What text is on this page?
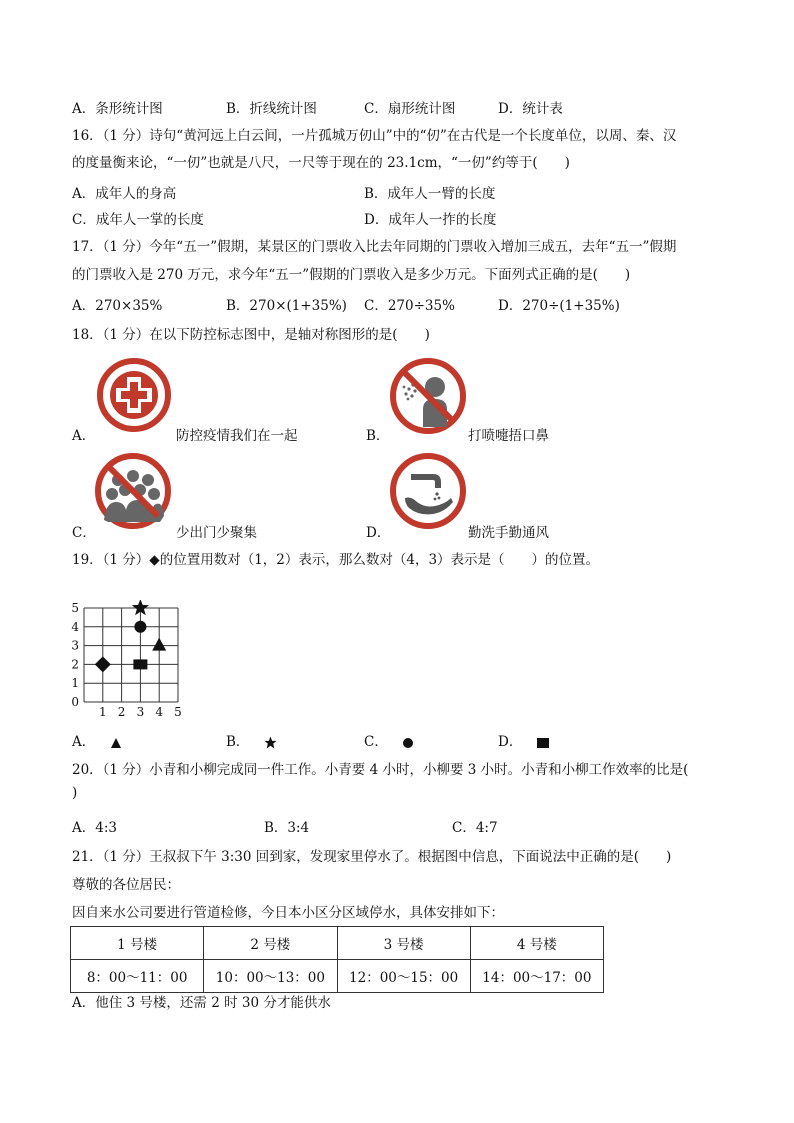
A．条形统计图	B．折线统计图	C．扇形统计图	D．统计表
16．（1 分）诗句“黄河远上白云间，一片孤城万仞山”中的“仞”在古代是一个长度单位，以周、秦、汉
的度量衡来论，“一仞”也就是八尺，一尺等于现在的 23.1cm，“一仞”约等于(　　)
A．成年人的身高	B．成年人一臂的长度
C．成年人一掌的长度	D．成年人一拃的长度
17．（1 分）今年“五一”假期，某景区的门票收入比去年同期的门票收入增加三成五，去年“五一”假期
的门票收入是 270 万元，求今年“五一”假期的门票收入是多少万元。下面列式正确的是(　　)
A．270×35%	B．270×(1+35%) C．270÷35%	D．270÷(1+35%)
18．（1 分）在以下防控标志图中，是轴对称图形的是(　　)
A．	防控疫情我们在一起	B．	打喷嚏捂口鼻
C．	少出门少聚集	D．	勤洗手勤通风
19．（1 分）◆的位置用数对（1，2）表示，那么数对（4，3）表示是（　　）的位置。
1 2 3 4 5
0
1
2
3
4
5
A．	B．	C．	D．
20．（1 分）小青和小柳完成同一件工作。小青要 4 小时，小柳要 3 小时。小青和小柳工作效率的比是(
)
A．4:3	B．3:4	C．4:7
21．（1 分）王叔叔下午 3:30 回到家，发现家里停水了。根据图中信息，下面说法中正确的是(　　)
尊敬的各位居民：
因自来水公司要进行管道检修，今日本小区分区域停水，具体安排如下：
1 号楼	2 号楼	3 号楼	4 号楼
8：00～11：00	10：00～13：00	12：00～15：00	14：00～17：00
A．他住 3 号楼，还需 2 时 30 分才能供水
